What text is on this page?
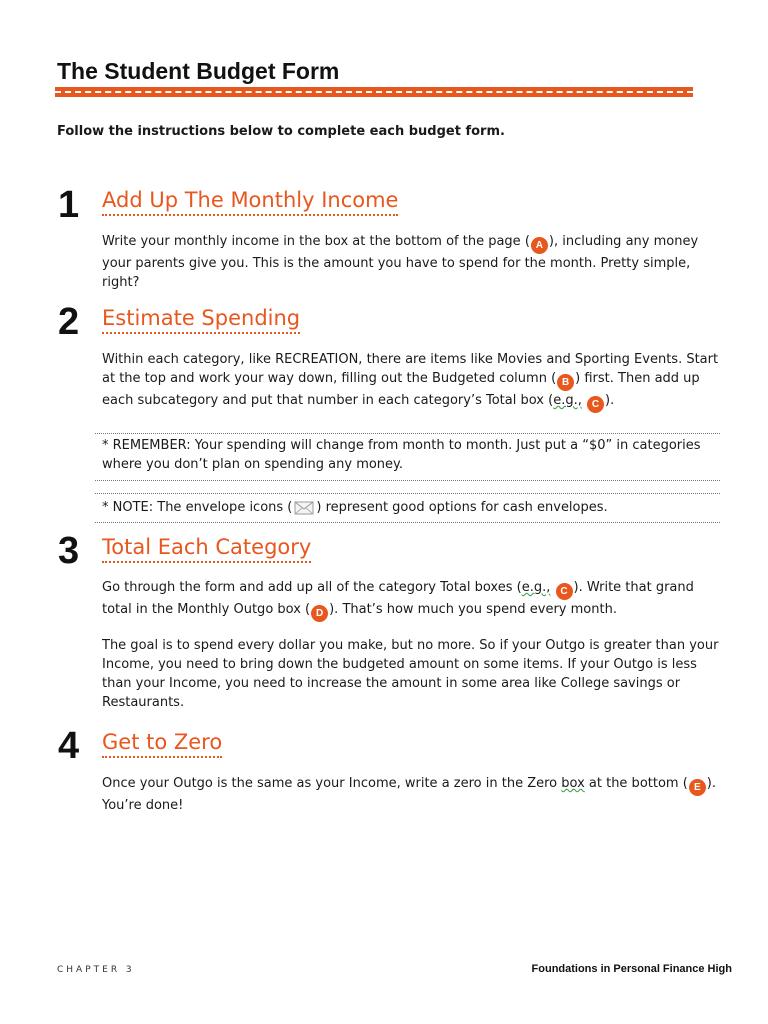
The Student Budget Form
Follow the instructions below to complete each budget form.
1 Add Up The Monthly Income
Write your monthly income in the box at the bottom of the page ( A ), including any money your parents give you. This is the amount you have to spend for the month. Pretty simple, right?
2 Estimate Spending
Within each category, like RECREATION, there are items like Movies and Sporting Events. Start at the top and work your way down, filling out the Budgeted column ( B ) first. Then add up each subcategory and put that number in each category’s Total box (e.g., C ).
* REMEMBER: Your spending will change from month to month. Just put a “$0” in categories where you don’t plan on spending any money.
* NOTE: The envelope icons ( ) represent good options for cash envelopes.
3 Total Each Category
Go through the form and add up all of the category Total boxes (e.g., C ). Write that grand total in the Monthly Outgo box ( D ). That’s how much you spend every month.
The goal is to spend every dollar you make, but no more. So if your Outgo is greater than your Income, you need to bring down the budgeted amount on some items. If your Outgo is less than your Income, you need to increase the amount in some area like College savings or Restaurants.
4 Get to Zero
Once your Outgo is the same as your Income, write a zero in the Zero box at the bottom ( E ). You’re done!
CHAPTER 3	Foundations in Personal Finance High
